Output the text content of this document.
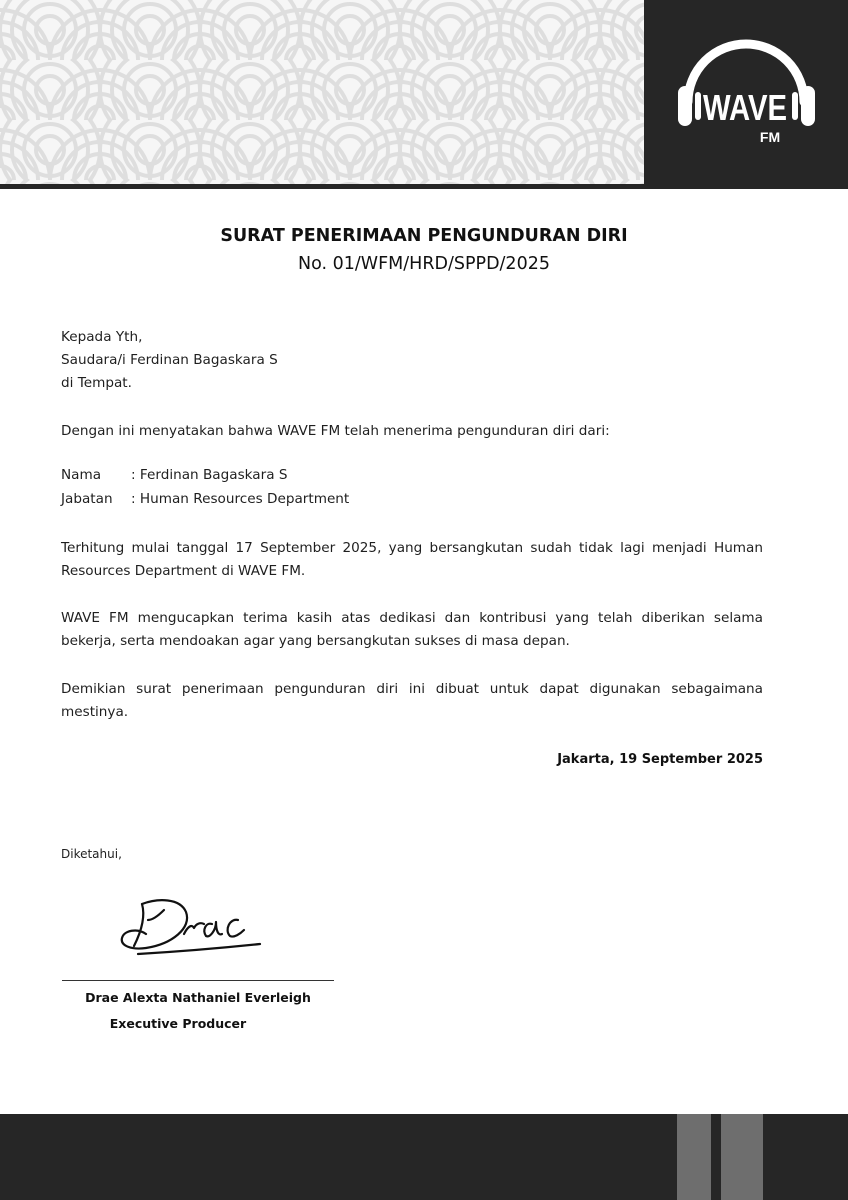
WAVE
FM
SURAT PENERIMAAN PENGUNDURAN DIRI
No. 01/WFM/HRD/SPPD/2025
Kepada Yth,
Saudara/i Ferdinan Bagaskara S
di Tempat.
Dengan ini menyatakan bahwa WAVE FM telah menerima pengunduran diri dari:
Nama : Ferdinan Bagaskara S
Jabatan : Human Resources Department
Terhitung mulai tanggal 17 September 2025, yang bersangkutan sudah tidak lagi menjadi Human Resources Department di WAVE FM.
WAVE FM mengucapkan terima kasih atas dedikasi dan kontribusi yang telah diberikan selama bekerja, serta mendoakan agar yang bersangkutan sukses di masa depan.
Demikian surat penerimaan pengunduran diri ini dibuat untuk dapat digunakan sebagaimana mestinya.
Jakarta, 19 September 2025
Diketahui,
Drae Alexta Nathaniel Everleigh
Executive Producer
